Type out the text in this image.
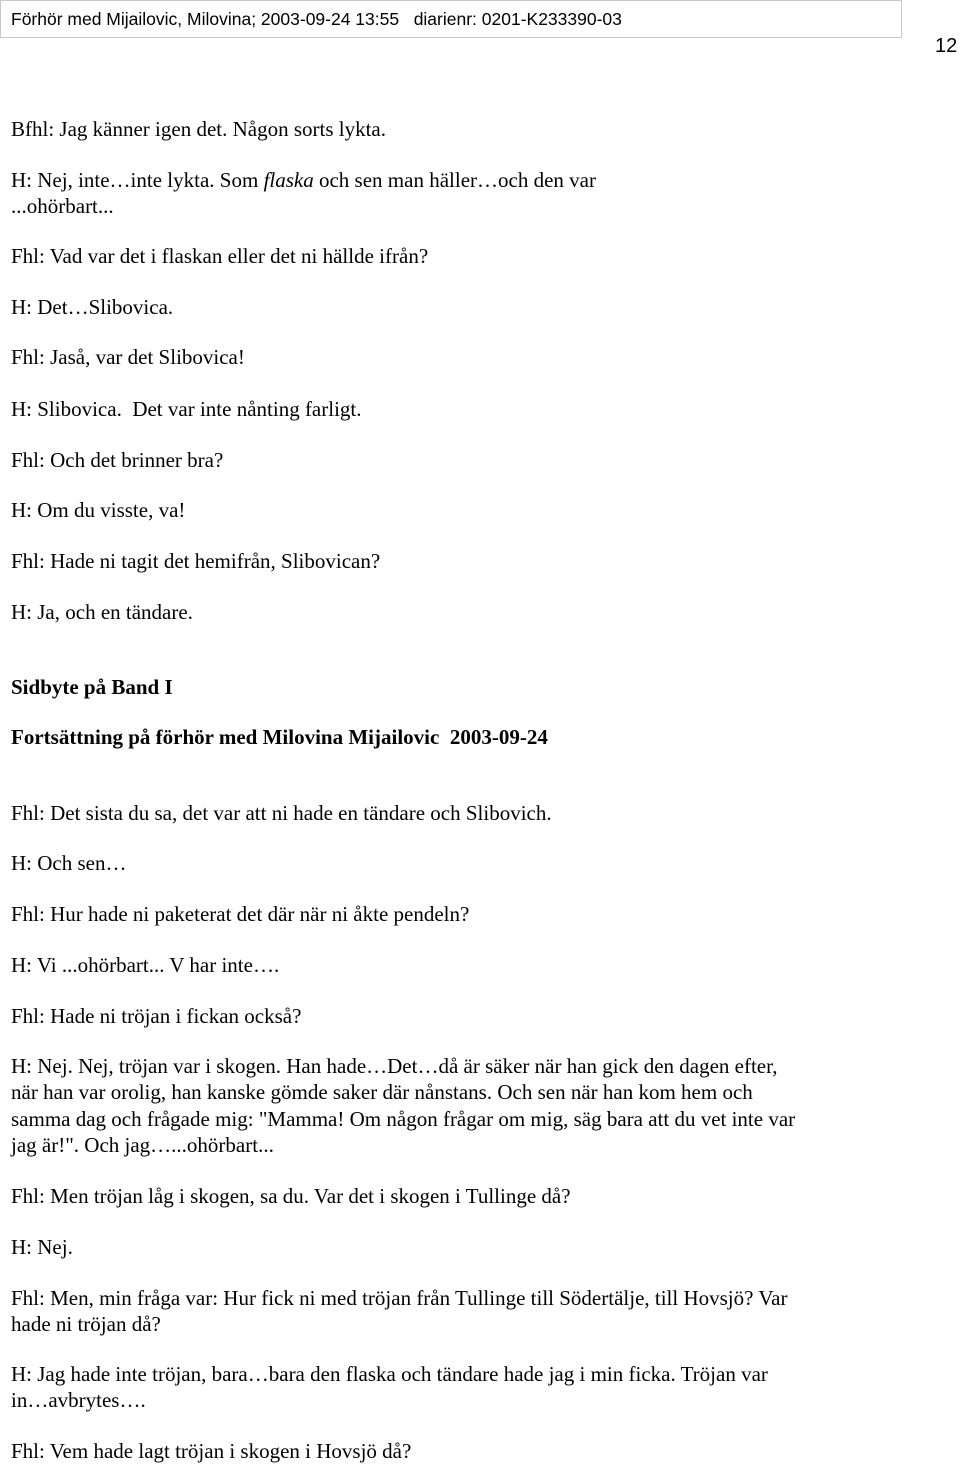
Förhör med Mijailovic, Milovina; 2003-09-24 13:55   diarienr: 0201-K233390-03
12
Bfhl: Jag känner igen det. Någon sorts lykta.
H: Nej, inte…inte lykta. Som flaska och sen man häller…och den var
...ohörbart...
Fhl: Vad var det i flaskan eller det ni hällde ifrån?
H: Det…Slibovica.
Fhl: Jaså, var det Slibovica!
H: Slibovica.  Det var inte nånting farligt.
Fhl: Och det brinner bra?
H: Om du visste, va!
Fhl: Hade ni tagit det hemifrån, Slibovican?
H: Ja, och en tändare.
Sidbyte på Band I
Fortsättning på förhör med Milovina Mijailovic  2003-09-24
Fhl: Det sista du sa, det var att ni hade en tändare och Slibovich.
H: Och sen…
Fhl: Hur hade ni paketerat det där när ni åkte pendeln?
H: Vi ...ohörbart... V har inte….
Fhl: Hade ni tröjan i fickan också?
H: Nej. Nej, tröjan var i skogen. Han hade…Det…då är säker när han gick den dagen efter, när han var orolig, han kanske gömde saker där nånstans. Och sen när han kom hem och samma dag och frågade mig: "Mamma! Om någon frågar om mig, säg bara att du vet inte var jag är!". Och jag…...ohörbart...
Fhl: Men tröjan låg i skogen, sa du. Var det i skogen i Tullinge då?
H: Nej.
Fhl: Men, min fråga var: Hur fick ni med tröjan från Tullinge till Södertälje, till Hovsjö? Var hade ni tröjan då?
H: Jag hade inte tröjan, bara…bara den flaska och tändare hade jag i min ficka. Tröjan var in…avbrytes….
Fhl: Vem hade lagt tröjan i skogen i Hovsjö då?
